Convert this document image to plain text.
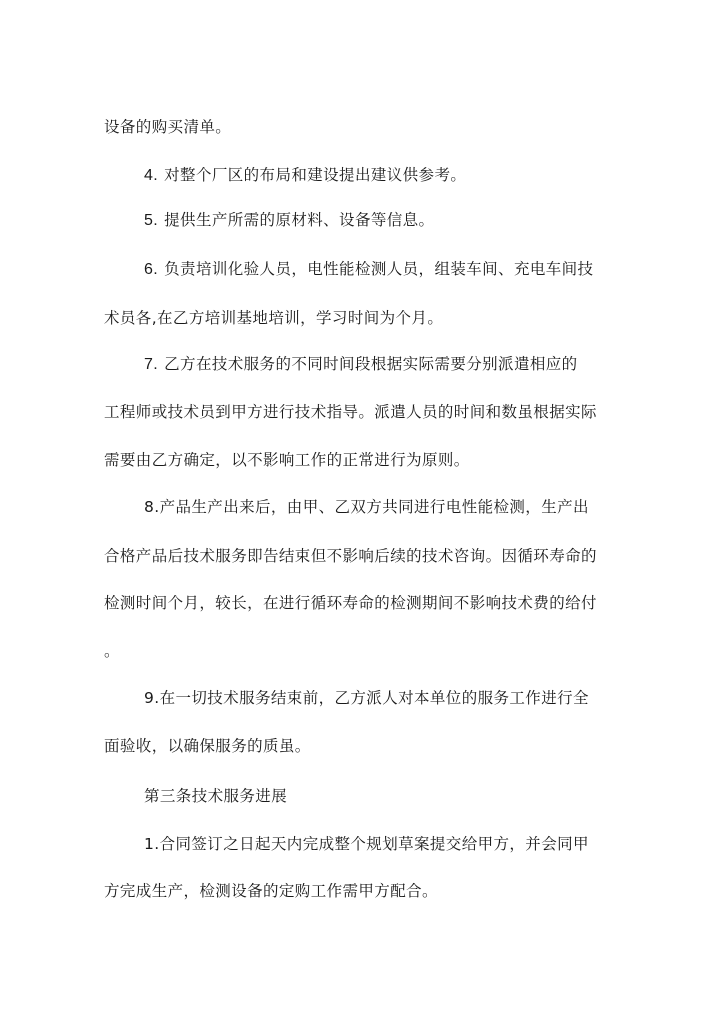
设备的购买清单。
4. 对整个厂区的布局和建设提出建议供参考。
5. 提供生产所需的原材料、设备等信息。
6. 负责培训化验人员，电性能检测人员，组装车间、充电车间技
术员各,在乙方培训基地培训，学习时间为个月。
7. 乙方在技术服务的不同时间段根据实际需要分别派遣相应的
工程师或技术员到甲方进行技术指导。派遣人员的时间和数虽根据实际
需要由乙方确定，以不影响工作的正常进行为原则。
8.产品生产出来后，由甲、乙双方共同进行电性能检测，生产出
合格产品后技术服务即告结束但不影响后续的技术咨询。因循环寿命的
检测时间个月，较长，在进行循环寿命的检测期间不影响技术费的给付
。
9.在一切技术服务结束前，乙方派人对本单位的服务工作进行全
面验收，以确保服务的质虽。
第三条技术服务进展
1.合同签订之日起天内完成整个规划草案提交给甲方，并会同甲
方完成生产，检测设备的定购工作需甲方配合。
